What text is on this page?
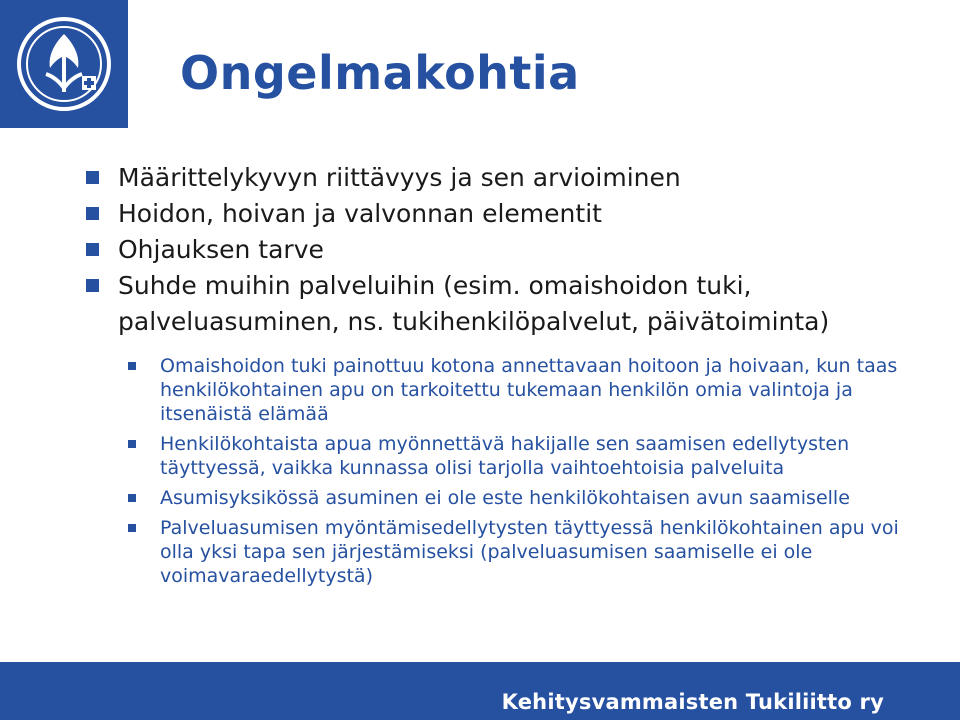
Ongelmakohtia
Määrittelykyvyn riittävyys ja sen arvioiminen
Hoidon, hoivan ja valvonnan elementit
Ohjauksen tarve
Suhde muihin palveluihin (esim. omaishoidon tuki, palveluasuminen, ns. tukihenkilöpalvelut, päivätoiminta)
Omaishoidon tuki painottuu kotona annettavaan hoitoon ja hoivaan, kun taas henkilökohtainen apu on tarkoitettu tukemaan henkilön omia valintoja ja itsenäistä elämää
Henkilökohtaista apua myönnettävä hakijalle sen saamisen edellytysten täyttyessä, vaikka kunnassa olisi tarjolla vaihtoehtoisia palveluita
Asumisyksikössä asuminen ei ole este henkilökohtaisen avun saamiselle
Palveluasumisen myöntämisedellytysten täyttyessä henkilökohtainen apu voi olla yksi tapa sen järjestämiseksi (palveluasumisen saamiselle ei ole voimavaraedellytystä)
Kehitysvammaisten Tukiliitto ry
